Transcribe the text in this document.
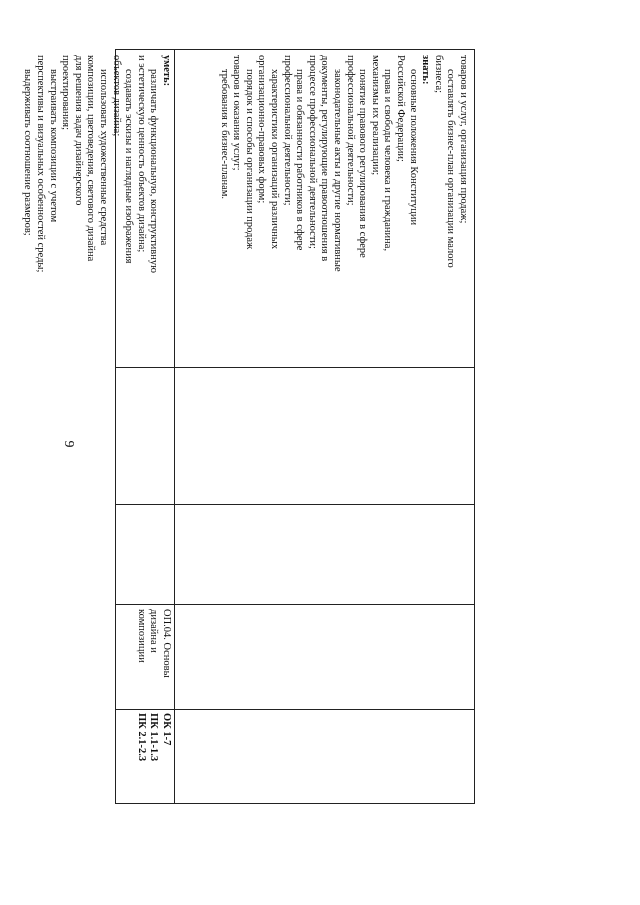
9

товаров и услуг, организация продаж;

составлять бизнес-план организации малого

бизнеса;

знать:

основные положения Конституции

Российской Федерации;

права и свободы человека и гражданина,

механизмы их реализации;

понятие правового регулирования в сфере

профессиональной деятельности;

законодательные акты и другие нормативные

документы, регулирующие правоотношения в

процессе профессиональной деятельности;

права и обязанности работников в сфере

профессиональной деятельности;

характеристики организаций различных

организационно-правовых форм;

порядок и способы организации продаж

товаров и оказания услуг;

требования к бизнес-планам.

уметь:

различать функциональную, конструктивную

и эстетическую ценность объектов дизайна;

создавать эскизы и наглядные изображения

объектов дизайна;

использовать художественные средства

композиции, цветоведения, светового дизайна

для решения задач дизайнерского

проектирования;

выстраивать композиции с учетом

перспективы и визуальных особенностей среды;

выдерживать соотношение размеров;

ОП.04. Основы дизайна и композиции
ОК 1-7
ПК 1.1-1.3
ПК 2.1-2.3
